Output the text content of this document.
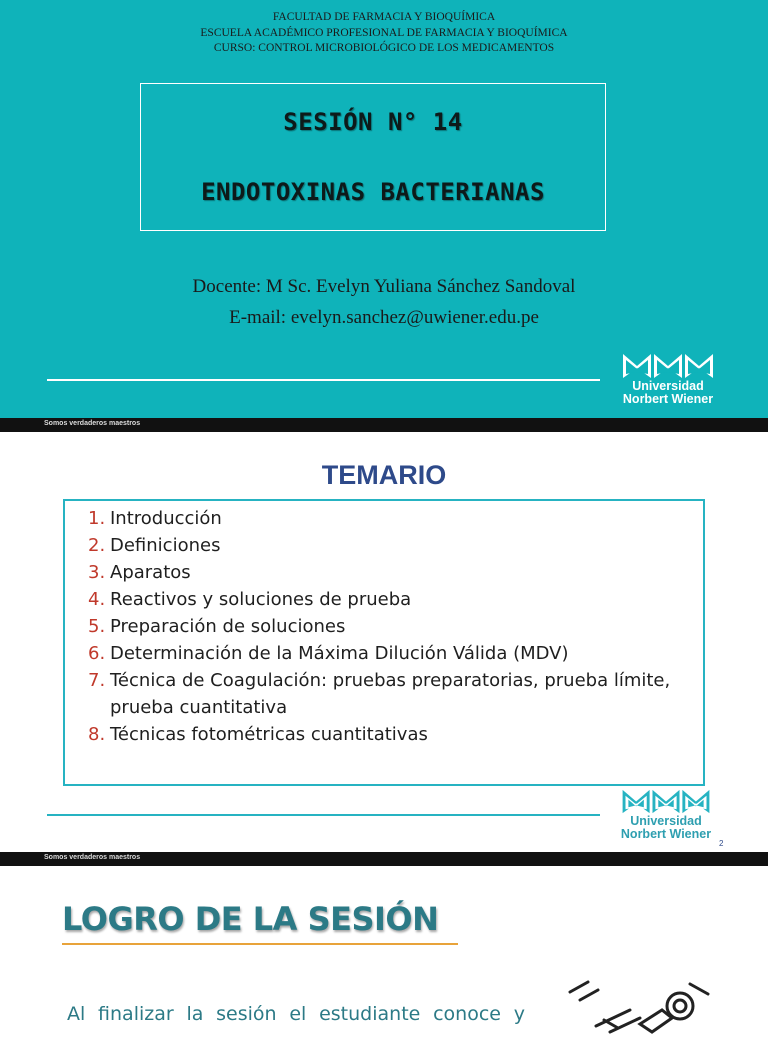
FACULTAD DE FARMACIA Y BIOQUÍMICA
ESCUELA ACADÉMICO PROFESIONAL DE FARMACIA Y BIOQUÍMICA
CURSO: CONTROL MICROBIOLÓGICO DE LOS MEDICAMENTOS
SESIÓN N° 14
ENDOTOXINAS BACTERIANAS
Docente: M Sc. Evelyn Yuliana Sánchez Sandoval
E-mail: evelyn.sanchez@uwiener.edu.pe
Universidad
Norbert Wiener
Somos verdaderos maestros
TEMARIO
1. Introducción
2. Definiciones
3. Aparatos
4. Reactivos y soluciones de prueba
5. Preparación de soluciones
6. Determinación de la Máxima Dilución Válida (MDV)
7. Técnica de Coagulación: pruebas preparatorias, prueba límite, prueba cuantitativa
8. Técnicas fotométricas cuantitativas
Universidad
Norbert Wiener
2
Somos verdaderos maestros
LOGRO DE LA SESIÓN
Al finalizar la sesión el estudiante conoce y
